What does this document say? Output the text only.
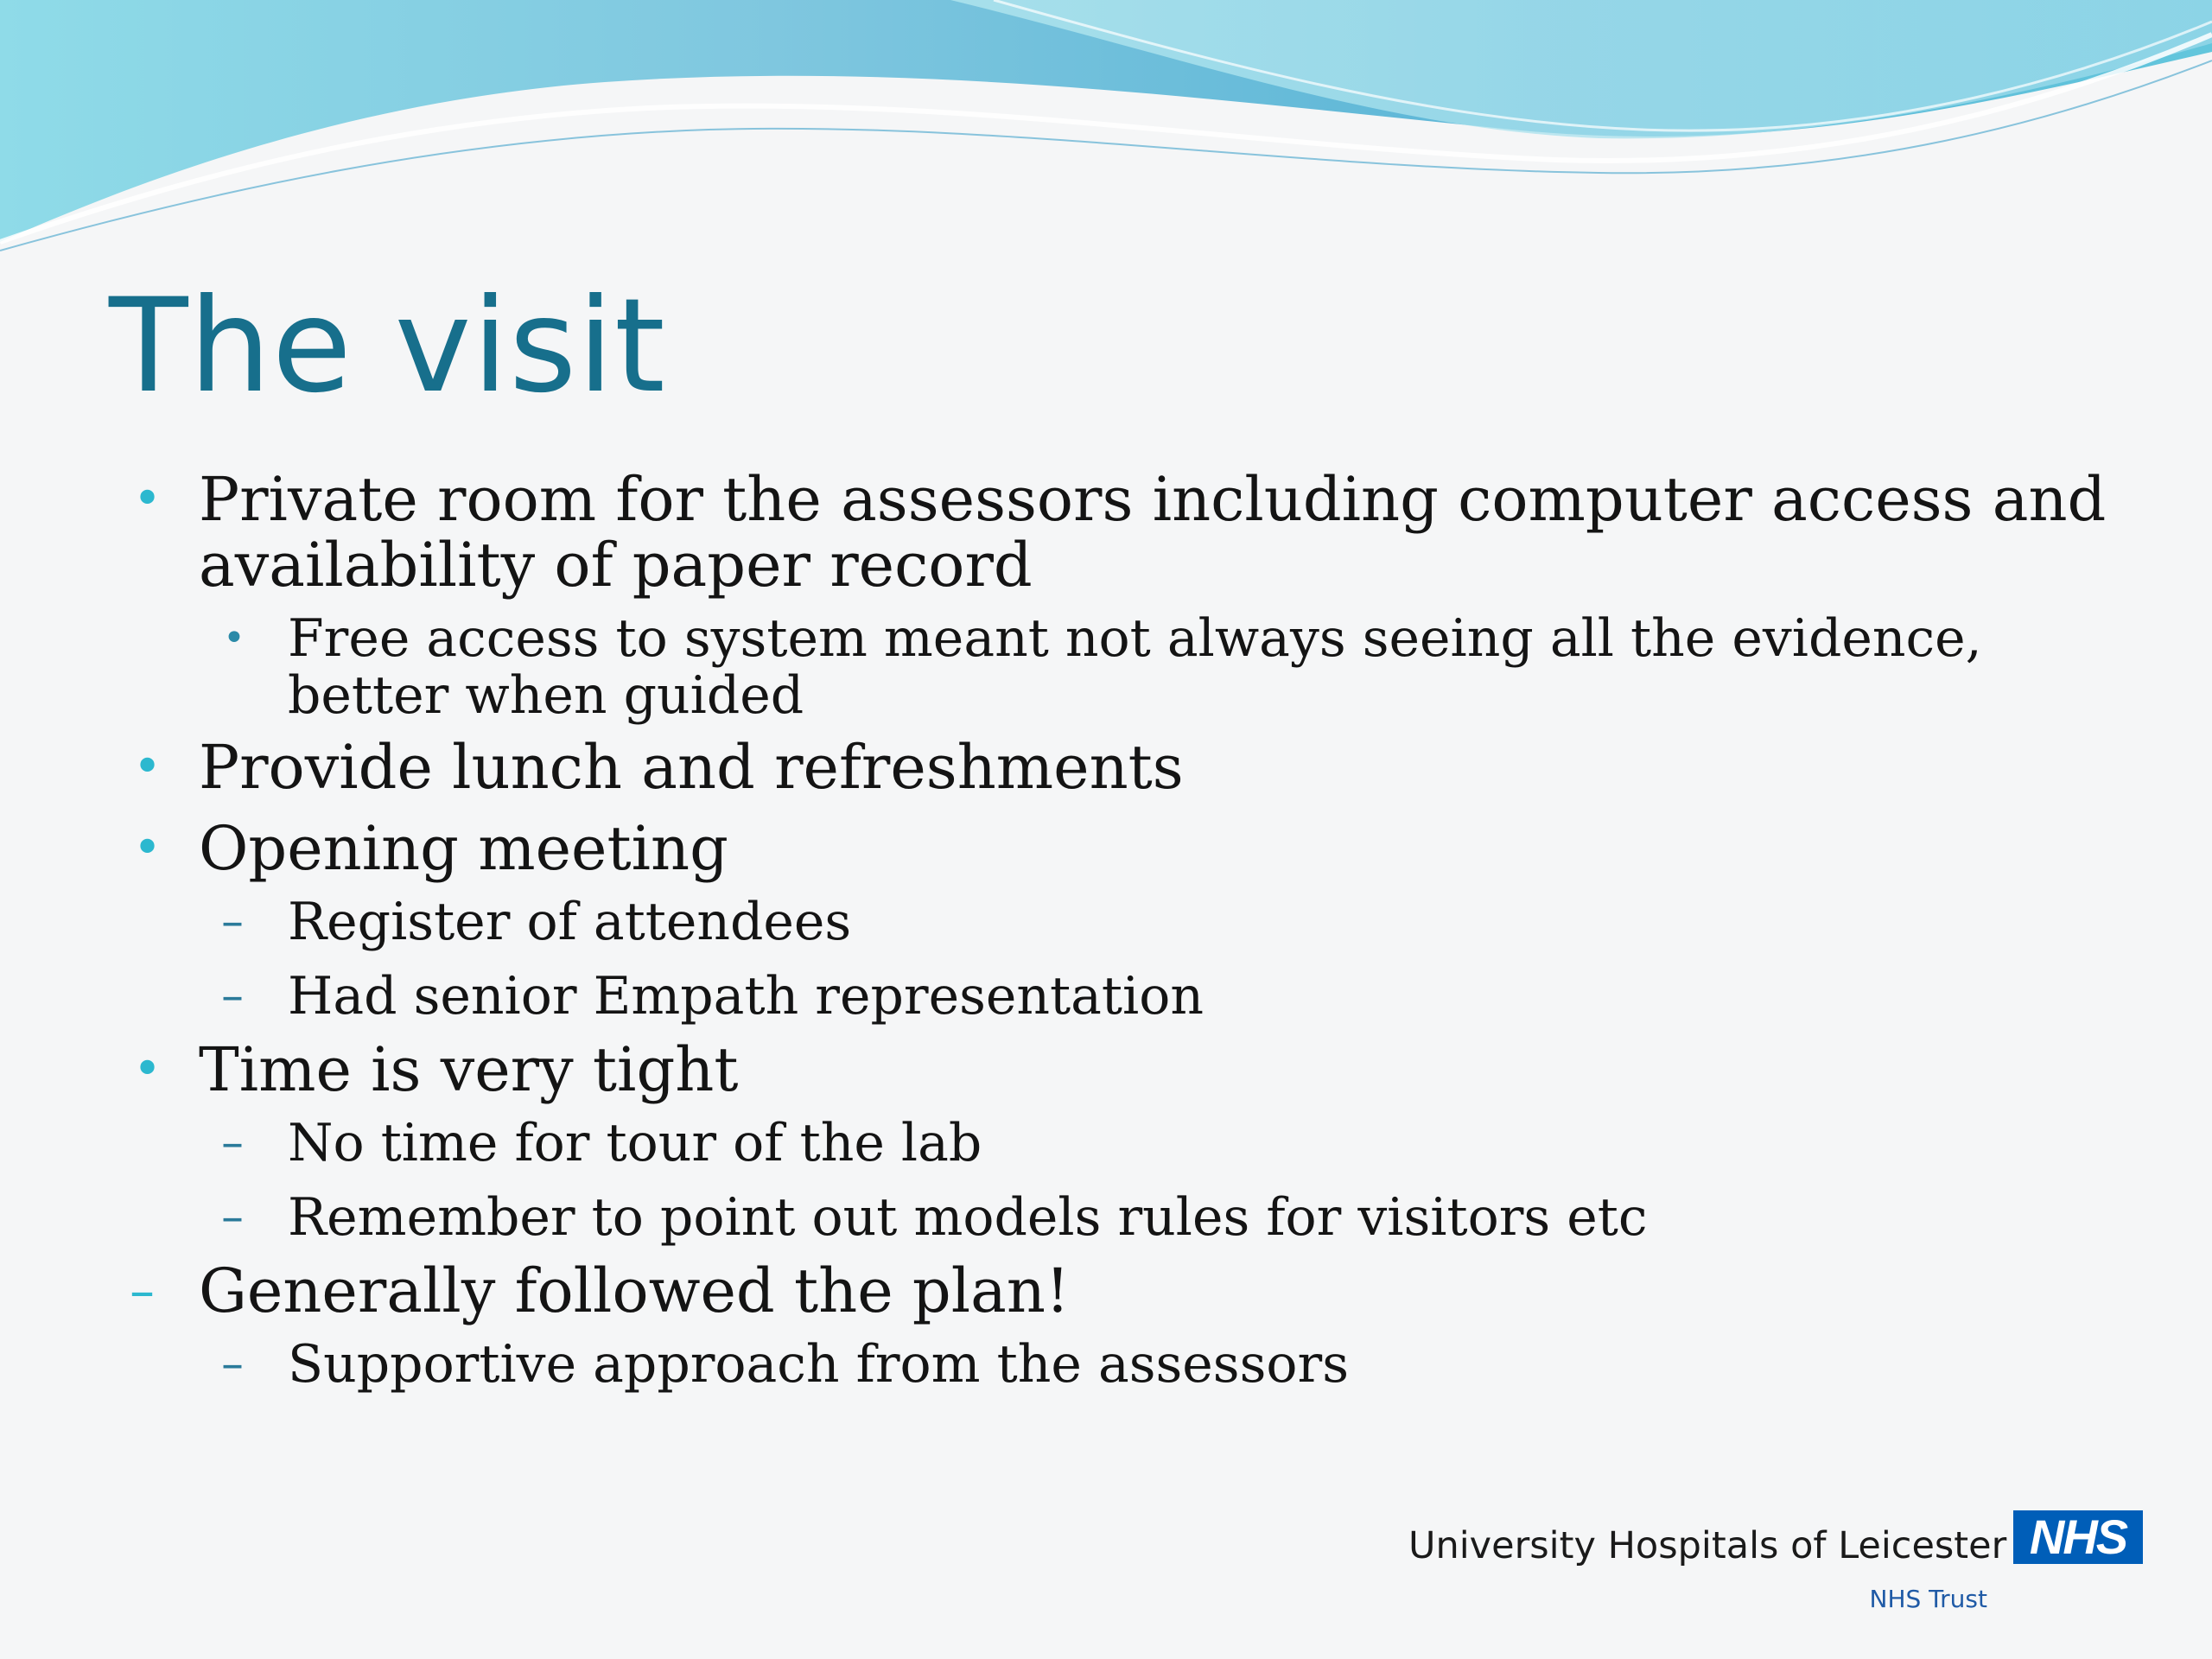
The visit
• Private room for the assessors including computer access and availability of paper record
• Free access to system meant not always seeing all the evidence, better when guided
• Provide lunch and refreshments
• Opening meeting
– Register of attendees
– Had senior Empath representation
• Time is very tight
– No time for tour of the lab
– Remember to point out models rules for visitors etc
– Generally followed the plan!
– Supportive approach from the assessors
University Hospitals of Leicester
NHS Trust
NHS
